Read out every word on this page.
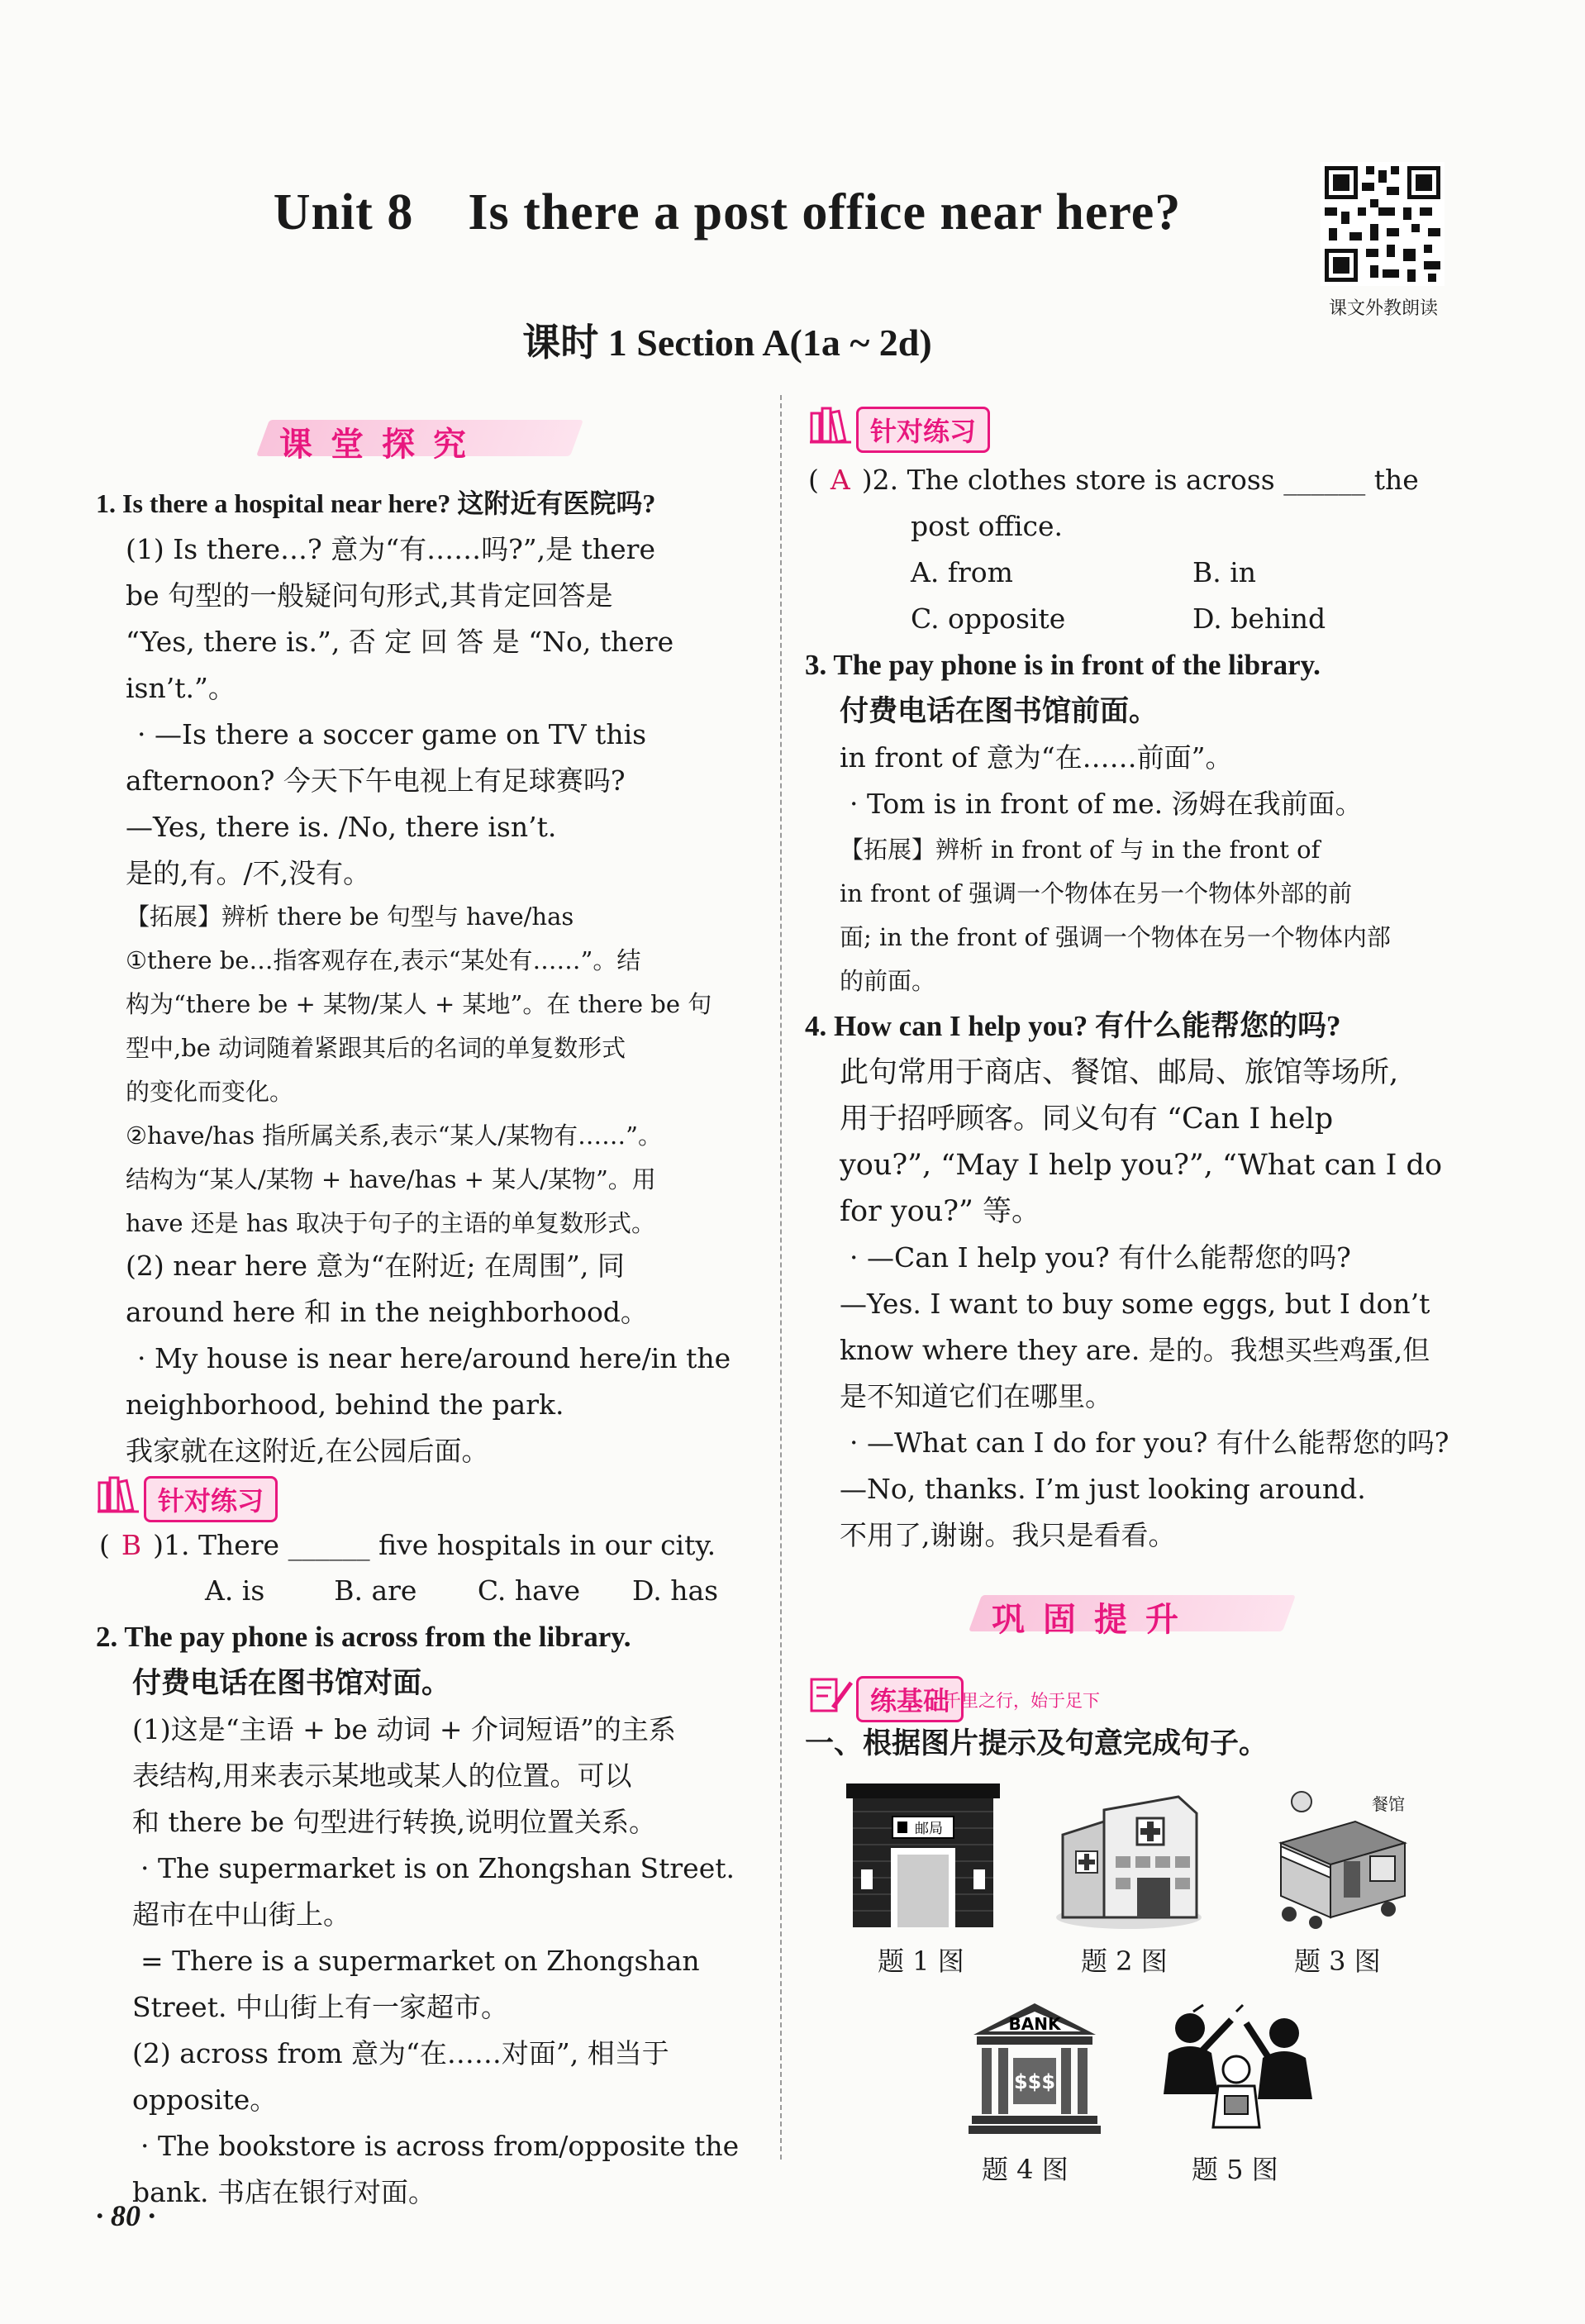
Unit 8    Is there a post office near here?
课时 1 Section A(1a ~ 2d)
课文外教朗读
课堂探究
1. Is there a hospital near here? 这附近有医院吗?
(1) Is there…? 意为“有……吗?”,是 there
be 句型的一般疑问句形式,其肯定回答是
“Yes, there is.”, 否 定 回 答 是 “No, there
isn’t.”。
· —Is there a soccer game on TV this
afternoon? 今天下午电视上有足球赛吗?
—Yes, there is. /No, there isn’t.
是的,有。/不,没有。
【拓展】辨析 there be 句型与 have/has
①there be…指客观存在,表示“某处有……”。结
构为“there be + 某物/某人 + 某地”。在 there be 句
型中,be 动词随着紧跟其后的名词的单复数形式
的变化而变化。
②have/has 指所属关系,表示“某人/某物有……”。
结构为“某人/某物 + have/has + 某人/某物”。用
have 还是 has 取决于句子的主语的单复数形式。
(2) near here 意为“在附近; 在周围”, 同
around here 和 in the neighborhood。
· My house is near here/around here/in the
neighborhood, behind the park.
我家就在这附近,在公园后面。
针对练习
( B )1. There ______ five hospitals in our city.
A. is        B. are       C. have      D. has
2. The pay phone is across from the library.
付费电话在图书馆对面。
(1)这是“主语 + be 动词 + 介词短语”的主系
表结构,用来表示某地或某人的位置。可以
和 there be 句型进行转换,说明位置关系。
· The supermarket is on Zhongshan Street.
超市在中山街上。
= There is a supermarket on Zhongshan
Street. 中山街上有一家超市。
(2) across from 意为“在……对面”, 相当于
opposite。
· The bookstore is across from/opposite the
bank. 书店在银行对面。
针对练习
( A )2. The clothes store is across ______ the
post office.
A. from	B. in
C. opposite	D. behind
3. The pay phone is in front of the library.
付费电话在图书馆前面。
in front of 意为“在……前面”。
· Tom is in front of me. 汤姆在我前面。
【拓展】辨析 in front of 与 in the front of
in front of 强调一个物体在另一个物体外部的前
面; in the front of 强调一个物体在另一个物体内部
的前面。
4. How can I help you? 有什么能帮您的吗?
此句常用于商店、餐馆、邮局、旅馆等场所,
用于招呼顾客。同义句有 “Can I help
you?”, “May I help you?”, “What can I do
for you?” 等。
· —Can I help you? 有什么能帮您的吗?
—Yes. I want to buy some eggs, but I don’t
know where they are. 是的。我想买些鸡蛋,但
是不知道它们在哪里。
· —What can I do for you? 有什么能帮您的吗?
—No, thanks. I’m just looking around.
不用了,谢谢。我只是看看。
巩固提升
练基础
千里之行，始于足下
一、根据图片提示及句意完成句子。
邮局
题 1 图	题 2 图
餐馆
题 3 图
BANK
$$$
题 4 图	题 5 图
· 80 ·
